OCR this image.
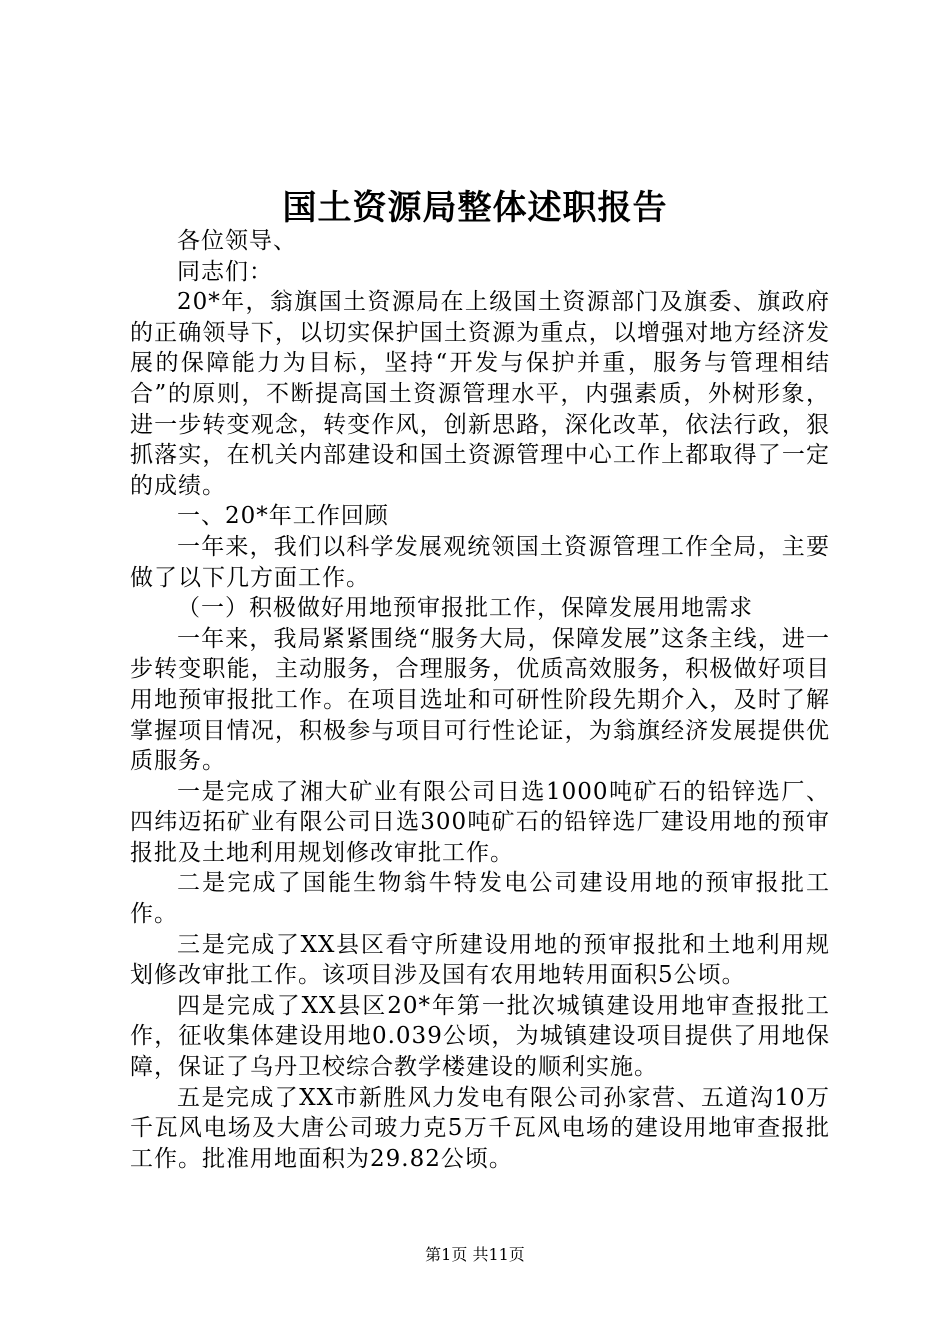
国土资源局整体述职报告

各位领导、

同志们：

20*年，翁旗国土资源局在上级国土资源部门及旗委、旗政府的正确领导下，以切实保护国土资源为重点，以增强对地方经济发展的保障能力为目标，坚持“开发与保护并重，服务与管理相结合”的原则，不断提高国土资源管理水平，内强素质，外树形象，进一步转变观念，转变作风，创新思路，深化改革，依法行政，狠抓落实，在机关内部建设和国土资源管理中心工作上都取得了一定的成绩。

一、20*年工作回顾

一年来，我们以科学发展观统领国土资源管理工作全局，主要做了以下几方面工作。

（一）积极做好用地预审报批工作，保障发展用地需求

一年来，我局紧紧围绕“服务大局，保障发展”这条主线，进一步转变职能，主动服务，合理服务，优质高效服务，积极做好项目用地预审报批工作。在项目选址和可研性阶段先期介入，及时了解掌握项目情况，积极参与项目可行性论证，为翁旗经济发展提供优质服务。

一是完成了湘大矿业有限公司日选1000吨矿石的铅锌选厂、四纬迈拓矿业有限公司日选300吨矿石的铅锌选厂建设用地的预审报批及土地利用规划修改审批工作。

二是完成了国能生物翁牛特发电公司建设用地的预审报批工作。

三是完成了XX县区看守所建设用地的预审报批和土地利用规划修改审批工作。该项目涉及国有农用地转用面积5公顷。

四是完成了XX县区20*年第一批次城镇建设用地审查报批工作，征收集体建设用地0.039公顷，为城镇建设项目提供了用地保障，保证了乌丹卫校综合教学楼建设的顺利实施。

五是完成了XX市新胜风力发电有限公司孙家营、五道沟10万千瓦风电场及大唐公司玻力克5万千瓦风电场的建设用地审查报批工作。批准用地面积为29.82公顷。

第1页 共11页
